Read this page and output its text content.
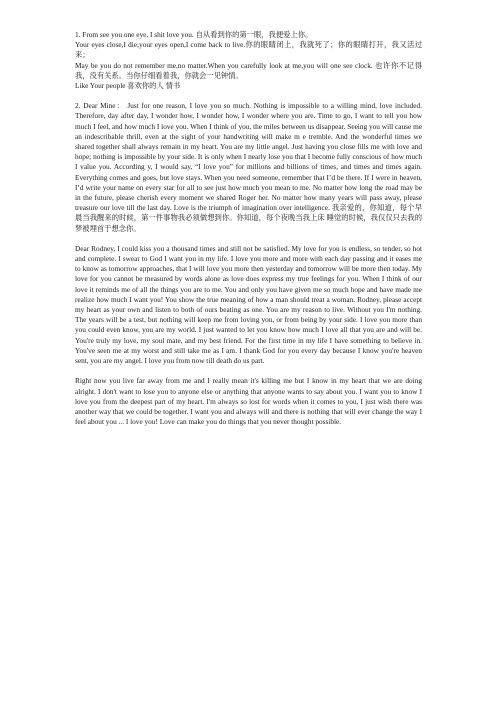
1. From see you one eye, I shit love you. 自从看到你的第一眼，我便爱上你。

Your eyes close,I die;your eyes open,I come back to live.你的眼睛闭上，我就死了；你的眼睛打开，我又活过来；

May be you do not remember me,no matter.When you carefully look at me,you will one see clock. 也许你不记得我，没有关系。当你仔细看着我，你就会一见钟情。

Like Your people 喜欢你的人 情书

2. Dear Mine： Just for one reason, I love you so much. Nothing is impossible to a willing mind, love included. Therefore, day after day, I wonder how, I wonder how, I wonder where you are. Time to go, I want to tell you how much I feel, and how much I love you. When I think of you, the miles between us disappear. Seeing you will cause me an indescribable thrill, even at the sight of your handwriting will make m e tremble. And the wonderful times we shared together shall always remain in my heart. You are my little angel. Just having you close fills me with love and hope; nothing is impossible by your side. It is only when I nearly lose you that I become fully conscious of how much I value you. According y, I would say, “I love you” for millions and billions of times, and times and times again. Everything comes and goes, but love stays. When you need someone, remember that I’d be there. If I were in heaven, I’d write your name on every star for all to see just how much you mean to me. No matter how long the road may be in the future, please cherish every moment we shared Roger her. No matter how many years will pass away, please treasure our love till the last day. Love is the triumph of imagination over intelligence. 我亲爱的，你知道，每个早晨当我醒来的时候，第一件事物我必须做想到你。你知道，每个夜晚当我上床 睡觉的时候，我仅仅只去我的梦被埋首于想念你。

Dear Rodney, I could kiss you a thousand times and still not be satisfied. My love for you is endless, so tender, so hot and complete. I swear to God I want you in my life. I love you more and more with each day passing and it eases me to know as tomorrow approaches, that I will love you more then yesterday and tomorrow will be more then today. My love for you cannot be measured by words alone as love does express my true feelings for you. When I think of our love it reminds me of all the things you are to me. You and only you have given me so much hope and have made me realize how much I want you! You show the true meaning of how a man should treat a woman. Rodney, please accept my heart as your own and listen to both of ours beating as one. You are my reason to live. Without you I'm nothing. The years will be a test, but nothing will keep me from loving you, or from being by your side. I love you more than you could even know, you are my world. I just wanted to let you know how much I love all that you are and will be. You're truly my love, my soul mate, and my best friend. For the first time in my life I have something to believe in. You've seen me at my worst and still take me as I am. I thank God for you every day because I know you're heaven sent, you are my angel. I love you from now till death do us part.

Right now you live far away from me and I really mean it's killing me but I know in my heart that we are doing alright. I don't want to lose you to anyone else or anything that anyone wants to say about you. I want you to know I love you from the deepest part of my heart. I'm always so lost for words when it comes to you, I just wish there was another way that we could be together. I want you and always will and there is nothing that will ever change the way I feel about you ... I love you! Love can make you do things that you never thought possible.
